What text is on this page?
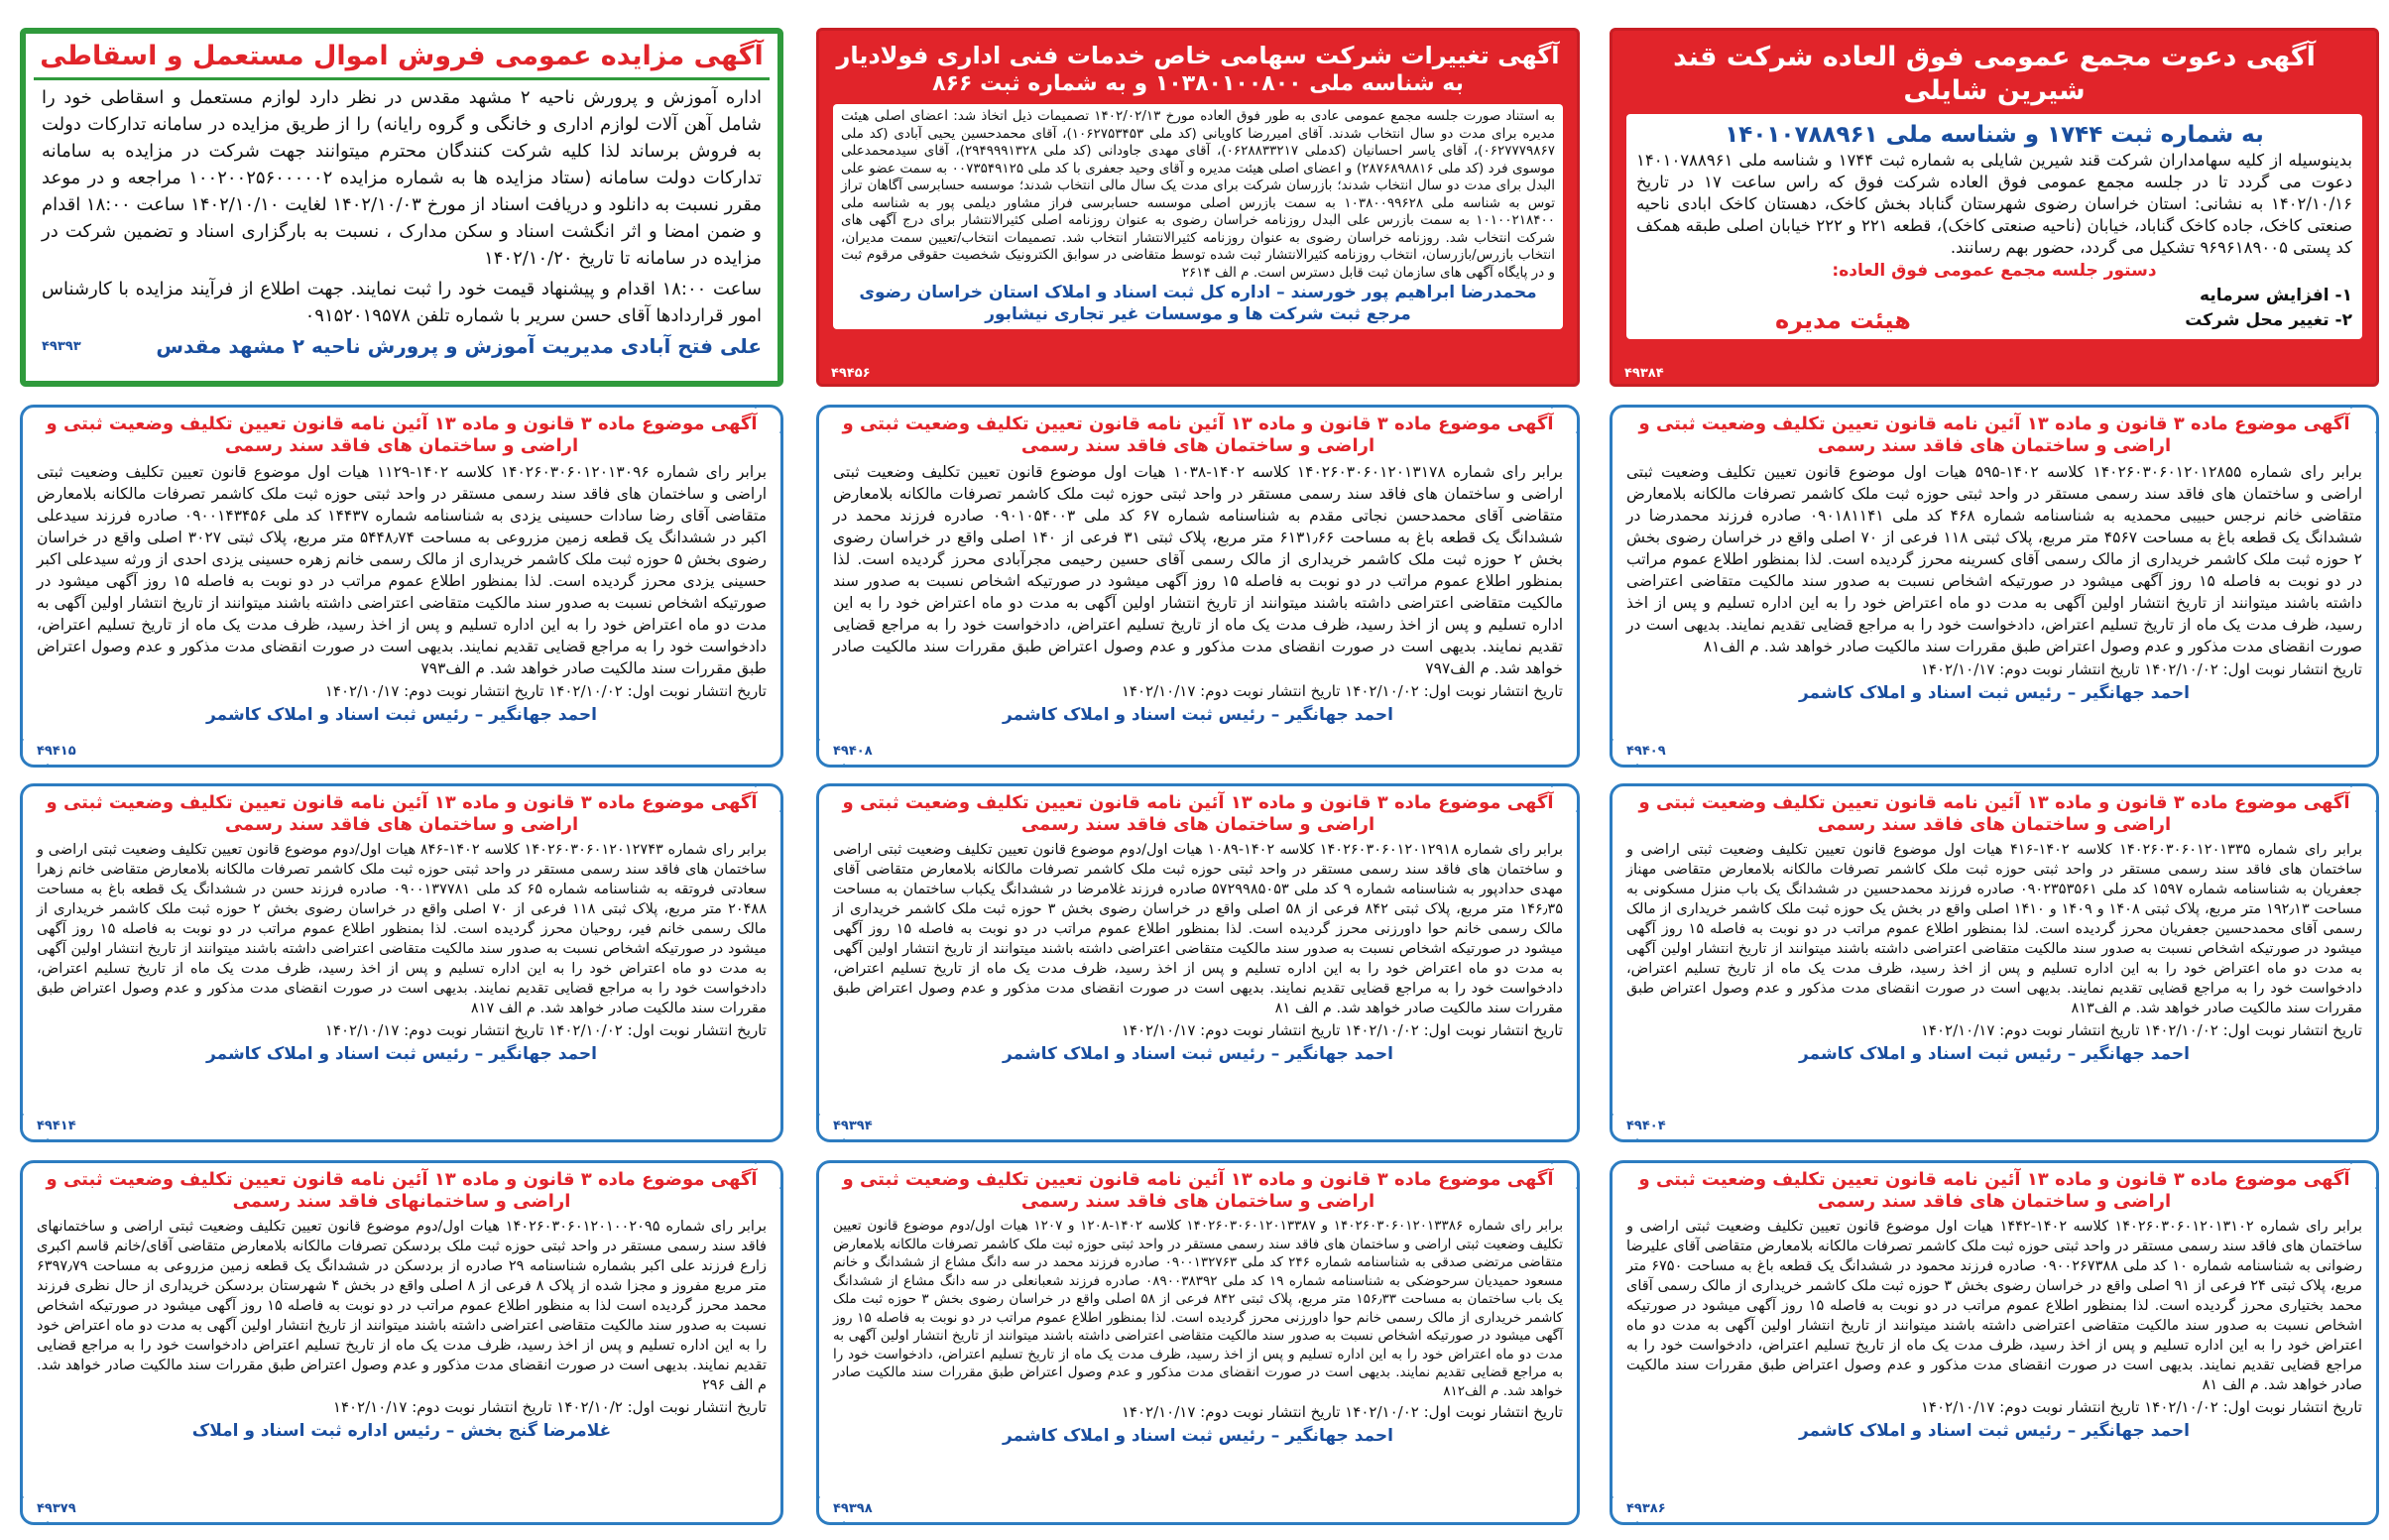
آگهی دعوت مجمع عمومی فوق العاده شرکت قند شیرین شایلی
به شماره ثبت ۱۷۴۴ و شناسه ملی ۱۴۰۱۰۷۸۸۹۶۱
بدینوسیله از کلیه سهامداران شرکت قند شیرین شایلی به شماره ثبت ۱۷۴۴ و شناسه ملی ۱۴۰۱۰۷۸۸۹۶۱ دعوت می گردد تا در جلسه مجمع عمومی فوق العاده شرکت فوق که راس ساعت ۱۷ در تاریخ ۱۴۰۲/۱۰/۱۶ به نشانی: استان خراسان رضوی شهرستان گناباد بخش کاخک، دهستان کاخک ابادی ناحیه صنعتی کاخک، جاده کاخک گناباد، خیابان (ناحیه صنعتی کاخک)، قطعه ۲۲۱ و ۲۲۲ خیابان اصلی طبقه همکف کد پستی ۹۶۹۶۱۸۹۰۰۵ تشکیل می گردد، حضور بهم رسانند.
دستور جلسه مجمع عمومی فوق العاده:
۱- افزایش سرمایه
۲- تغییر محل شرکت
هیئت مدیره
۴۹۳۸۴
آگهی تغییرات شرکت سهامی خاص خدمات فنی اداری فولادیار
به شناسه ملی ۱۰۳۸۰۱۰۰۸۰۰ و به شماره ثبت ۸۶۶
به استناد صورت جلسه مجمع عمومی عادی به طور فوق العاده مورخ ۱۴۰۲/۰۲/۱۳ تصمیمات ذیل اتخاذ شد: اعضای اصلی هیئت مدیره برای مدت دو سال انتخاب شدند. آقای امیررضا کاویانی (کد ملی ۱۰۶۲۷۵۳۴۵۳)، آقای محمدحسین یحیی آبادی (کد ملی ۰۶۲۷۷۷۹۸۶۷)، آقای یاسر احسانیان (کدملی ۰۶۲۸۸۳۳۲۱۷)، آقای مهدی جاودانی (کد ملی ۲۹۴۹۹۹۱۳۲۸)، آقای سیدمحمدعلی موسوی فرد (کد ملی ۲۸۷۶۸۹۸۸۱۶) و اعضای اصلی هیئت مدیره و آقای وحید جعفری با کد ملی ۰۰۷۳۵۴۹۱۲۵ به سمت عضو علی البدل برای مدت دو سال انتخاب شدند؛ بازرسان شرکت برای مدت یک سال مالی انتخاب شدند؛ موسسه حسابرسی آگاهان تراز توس به شناسه ملی ۱۰۳۸۰۰۹۹۶۲۸ به سمت بازرس اصلی موسسه حسابرسی فراز مشاور دیلمی پور به شناسه ملی ۱۰۱۰۰۲۱۸۴۰۰ به سمت بازرس علی البدل روزنامه خراسان رضوی به عنوان روزنامه اصلی کثیرالانتشار برای درج آگهی های شرکت انتخاب شد. روزنامه خراسان رضوی به عنوان روزنامه کثیرالانتشار انتخاب شد. تصمیمات انتخاب/تعیین سمت مدیران، انتخاب بازرس/بازرسان، انتخاب روزنامه کثیرالانتشار ثبت شده توسط متقاضی در سوابق الکترونیک شخصیت حقوقی مرقوم ثبت و در پایگاه آگهی های سازمان ثبت قابل دسترس است. م الف ۲۶۱۴
محمدرضا ابراهیم پور خورسند – اداره کل ثبت اسناد و املاک استان خراسان رضوی
مرجع ثبت شرکت ها و موسسات غیر تجاری نیشابور
۴۹۴۵۶
آگهی مزایده عمومی فروش اموال مستعمل و اسقاطی
اداره آموزش و پرورش ناحیه ۲ مشهد مقدس در نظر دارد لوازم مستعمل و اسقاطی خود را شامل آهن آلات لوازم اداری و خانگی و گروه رایانه) را از طریق مزایده در سامانه تدارکات دولت به فروش برساند لذا کلیه شرکت کنندگان محترم میتوانند جهت شرکت در مزایده به سامانه تدارکات دولت سامانه (ستاد مزایده ها به شماره مزایده ۱۰۰۲۰۰۲۵۶۰۰۰۰۰۲ مراجعه و در موعد مقرر نسبت به دانلود و دریافت اسناد از مورخ ۱۴۰۲/۱۰/۰۳ لغایت ۱۴۰۲/۱۰/۱۰ ساعت ۱۸:۰۰ اقدام و ضمن امضا و اثر انگشت اسناد و سکن مدارک ، نسبت به بارگزاری اسناد و تضمین شرکت در مزایده در سامانه تا تاریخ ۱۴۰۲/۱۰/۲۰
ساعت ۱۸:۰۰ اقدام و پیشنهاد قیمت خود را ثبت نمایند. جهت اطلاع از فرآیند مزایده با کارشناس امور قراردادها آقای حسن سریر با شماره تلفن ۰۹۱۵۲۰۱۹۵۷۸
علی فتح آبادی مدیریت آموزش و پرورش ناحیه ۲ مشهد مقدس
۴۹۳۹۳
آگهی موضوع ماده ۳ قانون و ماده ۱۳ آئین نامه قانون تعیین تکلیف وضعیت ثبتی و اراضی و ساختمان های فاقد سند رسمی
برابر رای شماره ۱۴۰۲۶۰۳۰۶۰۱۲۰۱۲۸۵۵ کلاسه ۱۴۰۲-۵۹۵ هیات اول موضوع قانون تعیین تکلیف وضعیت ثبتی اراضی و ساختمان های فاقد سند رسمی مستقر در واحد ثبتی حوزه ثبت ملک کاشمر تصرفات مالکانه بلامعارض متقاضی خانم نرجس حبیبی محمدیه به شناسنامه شماره ۴۶۸ کد ملی ۰۹۰۱۸۱۱۴۱ صادره فرزند محمدرضا در ششدانگ یک قطعه باغ به مساحت ۴۵۶۷ متر مربع، پلاک ثبتی ۱۱۸ فرعی از ۷۰ اصلی واقع در خراسان رضوی بخش ۲ حوزه ثبت ملک کاشمر خریداری از مالک رسمی آقای کسرینه محرز گردیده است. لذا بمنظور اطلاع عموم مراتب در دو نوبت به فاصله ۱۵ روز آگهی میشود در صورتیکه اشخاص نسبت به صدور سند مالکیت متقاضی اعتراضی داشته باشند میتوانند از تاریخ انتشار اولین آگهی به مدت دو ماه اعتراض خود را به این اداره تسلیم و پس از اخذ رسید، ظرف مدت یک ماه از تاریخ تسلیم اعتراض، دادخواست خود را به مراجع قضایی تقدیم نمایند. بدیهی است در صورت انقضای مدت مذکور و عدم وصول اعتراض طبق مقررات سند مالکیت صادر خواهد شد. م الف۸۱
تاریخ انتشار نوبت اول: ۱۴۰۲/۱۰/۰۲ تاریخ انتشار نوبت دوم: ۱۴۰۲/۱۰/۱۷
احمد جهانگیر – رئیس ثبت اسناد و املاک کاشمر
۴۹۴۰۹
آگهی موضوع ماده ۳ قانون و ماده ۱۳ آئین نامه قانون تعیین تکلیف وضعیت ثبتی و اراضی و ساختمان های فاقد سند رسمی
برابر رای شماره ۱۴۰۲۶۰۳۰۶۰۱۲۰۱۳۱۷۸ کلاسه ۱۴۰۲-۱۰۳۸ هیات اول موضوع قانون تعیین تکلیف وضعیت ثبتی اراضی و ساختمان های فاقد سند رسمی مستقر در واحد ثبتی حوزه ثبت ملک کاشمر تصرفات مالکانه بلامعارض متقاضی آقای محمدحسن نجاتی مقدم به شناسنامه شماره ۶۷ کد ملی ۰۹۰۱۰۵۴۰۰۳ صادره فرزند محمد در ششدانگ یک قطعه باغ به مساحت ۶۱۳۱٫۶۶ متر مربع، پلاک ثبتی ۳۱ فرعی از ۱۴۰ اصلی واقع در خراسان رضوی بخش ۲ حوزه ثبت ملک کاشمر خریداری از مالک رسمی آقای حسین رحیمی مجرآبادی محرز گردیده است. لذا بمنظور اطلاع عموم مراتب در دو نوبت به فاصله ۱۵ روز آگهی میشود در صورتیکه اشخاص نسبت به صدور سند مالکیت متقاضی اعتراضی داشته باشند میتوانند از تاریخ انتشار اولین آگهی به مدت دو ماه اعتراض خود را به این اداره تسلیم و پس از اخذ رسید، ظرف مدت یک ماه از تاریخ تسلیم اعتراض، دادخواست خود را به مراجع قضایی تقدیم نمایند. بدیهی است در صورت انقضای مدت مذکور و عدم وصول اعتراض طبق مقررات سند مالکیت صادر خواهد شد. م الف۷۹۷
تاریخ انتشار نوبت اول: ۱۴۰۲/۱۰/۰۲ تاریخ انتشار نوبت دوم: ۱۴۰۲/۱۰/۱۷
احمد جهانگیر – رئیس ثبت اسناد و املاک کاشمر
۴۹۴۰۸
آگهی موضوع ماده ۳ قانون و ماده ۱۳ آئین نامه قانون تعیین تکلیف وضعیت ثبتی و اراضی و ساختمان های فاقد سند رسمی
برابر رای شماره ۱۴۰۲۶۰۳۰۶۰۱۲۰۱۳۰۹۶ کلاسه ۱۴۰۲-۱۱۲۹ هیات اول موضوع قانون تعیین تکلیف وضعیت ثبتی اراضی و ساختمان های فاقد سند رسمی مستقر در واحد ثبتی حوزه ثبت ملک کاشمر تصرفات مالکانه بلامعارض متقاضی آقای رضا سادات حسینی یزدی به شناسنامه شماره ۱۴۴۳۷ کد ملی ۰۹۰۰۱۴۳۴۵۶ صادره فرزند سیدعلی اکبر در ششدانگ یک قطعه زمین مزروعی به مساحت ۵۴۴۸٫۷۴ متر مربع، پلاک ثبتی ۳۰۲۷ اصلی واقع در خراسان رضوی بخش ۵ حوزه ثبت ملک کاشمر خریداری از مالک رسمی خانم زهره حسینی یزدی احدی از ورثه سیدعلی اکبر حسینی یزدی محرز گردیده است. لذا بمنظور اطلاع عموم مراتب در دو نوبت به فاصله ۱۵ روز آگهی میشود در صورتیکه اشخاص نسبت به صدور سند مالکیت متقاضی اعتراضی داشته باشند میتوانند از تاریخ انتشار اولین آگهی به مدت دو ماه اعتراض خود را به این اداره تسلیم و پس از اخذ رسید، ظرف مدت یک ماه از تاریخ تسلیم اعتراض، دادخواست خود را به مراجع قضایی تقدیم نمایند. بدیهی است در صورت انقضای مدت مذکور و عدم وصول اعتراض طبق مقررات سند مالکیت صادر خواهد شد. م الف۷۹۳
تاریخ انتشار نوبت اول: ۱۴۰۲/۱۰/۰۲ تاریخ انتشار نوبت دوم: ۱۴۰۲/۱۰/۱۷
احمد جهانگیر – رئیس ثبت اسناد و املاک کاشمر
۴۹۴۱۵
آگهی موضوع ماده ۳ قانون و ماده ۱۳ آئین نامه قانون تعیین تکلیف وضعیت ثبتی و اراضی و ساختمان های فاقد سند رسمی
برابر رای شماره ۱۴۰۲۶۰۳۰۶۰۱۲۰۱۳۳۵ کلاسه ۱۴۰۲-۴۱۶ هیات اول موضوع قانون تعیین تکلیف وضعیت ثبتی اراضی و ساختمان های فاقد سند رسمی مستقر در واحد ثبتی حوزه ثبت ملک کاشمر تصرفات مالکانه بلامعارض متقاضی مهناز جعفریان به شناسنامه شماره ۱۵۹۷ کد ملی ۰۹۰۲۳۵۳۵۶۱ صادره فرزند محمدحسین در ششدانگ یک باب منزل مسکونی به مساحت ۱۹۲٫۱۳ متر مربع، پلاک ثبتی ۱۴۰۸ و ۱۴۰۹ و ۱۴۱۰ اصلی واقع در بخش یک حوزه ثبت ملک کاشمر خریداری از مالک رسمی آقای محمدحسین جعفریان محرز گردیده است. لذا بمنظور اطلاع عموم مراتب در دو نوبت به فاصله ۱۵ روز آگهی میشود در صورتیکه اشخاص نسبت به صدور سند مالکیت متقاضی اعتراضی داشته باشند میتوانند از تاریخ انتشار اولین آگهی به مدت دو ماه اعتراض خود را به این اداره تسلیم و پس از اخذ رسید، ظرف مدت یک ماه از تاریخ تسلیم اعتراض، دادخواست خود را به مراجع قضایی تقدیم نمایند. بدیهی است در صورت انقضای مدت مذکور و عدم وصول اعتراض طبق مقررات سند مالکیت صادر خواهد شد. م الف۸۱۳
تاریخ انتشار نوبت اول: ۱۴۰۲/۱۰/۰۲ تاریخ انتشار نوبت دوم: ۱۴۰۲/۱۰/۱۷
احمد جهانگیر – رئیس ثبت اسناد و املاک کاشمر
۴۹۴۰۴
آگهی موضوع ماده ۳ قانون و ماده ۱۳ آئین نامه قانون تعیین تکلیف وضعیت ثبتی و اراضی و ساختمان های فاقد سند رسمی
برابر رای شماره ۱۴۰۲۶۰۳۰۶۰۱۲۰۱۲۹۱۸ کلاسه ۱۴۰۲-۱۰۸۹ هیات اول/دوم موضوع قانون تعیین تکلیف وضعیت ثبتی اراضی و ساختمان های فاقد سند رسمی مستقر در واحد ثبتی حوزه ثبت ملک کاشمر تصرفات مالکانه بلامعارض متقاضی آقای مهدی حدادپور به شناسنامه شماره ۹ کد ملی ۵۷۲۹۹۸۵۰۵۳ صادره فرزند غلامرضا در ششدانگ یکباب ساختمان به مساحت ۱۴۶٫۳۵ متر مربع، پلاک ثبتی ۸۴۲ فرعی از ۵۸ اصلی واقع در خراسان رضوی بخش ۳ حوزه ثبت ملک کاشمر خریداری از مالک رسمی خانم حوا داورزنی محرز گردیده است. لذا بمنظور اطلاع عموم مراتب در دو نوبت به فاصله ۱۵ روز آگهی میشود در صورتیکه اشخاص نسبت به صدور سند مالکیت متقاضی اعتراضی داشته باشند میتوانند از تاریخ انتشار اولین آگهی به مدت دو ماه اعتراض خود را به این اداره تسلیم و پس از اخذ رسید، ظرف مدت یک ماه از تاریخ تسلیم اعتراض، دادخواست خود را به مراجع قضایی تقدیم نمایند. بدیهی است در صورت انقضای مدت مذکور و عدم وصول اعتراض طبق مقررات سند مالکیت صادر خواهد شد. م الف ۸۱
تاریخ انتشار نوبت اول: ۱۴۰۲/۱۰/۰۲ تاریخ انتشار نوبت دوم: ۱۴۰۲/۱۰/۱۷
احمد جهانگیر – رئیس ثبت اسناد و املاک کاشمر
۴۹۳۹۴
آگهی موضوع ماده ۳ قانون و ماده ۱۳ آئین نامه قانون تعیین تکلیف وضعیت ثبتی و اراضی و ساختمان های فاقد سند رسمی
برابر رای شماره ۱۴۰۲۶۰۳۰۶۰۱۲۰۱۲۷۴۳ کلاسه ۱۴۰۲-۸۴۶ هیات اول/دوم موضوع قانون تعیین تکلیف وضعیت ثبتی اراضی و ساختمان های فاقد سند رسمی مستقر در واحد ثبتی حوزه ثبت ملک کاشمر تصرفات مالکانه بلامعارض متقاضی خانم زهرا سعادتی فروتقه به شناسنامه شماره ۶۵ کد ملی ۰۹۰۰۱۳۷۷۸۱ صادره فرزند حسن در ششدانگ یک قطعه باغ به مساحت ۲۰۴۸۸ متر مربع، پلاک ثبتی ۱۱۸ فرعی از ۷۰ اصلی واقع در خراسان رضوی بخش ۲ حوزه ثبت ملک کاشمر خریداری از مالک رسمی خانم فیر، روحیان محرز گردیده است. لذا بمنظور اطلاع عموم مراتب در دو نوبت به فاصله ۱۵ روز آگهی میشود در صورتیکه اشخاص نسبت به صدور سند مالکیت متقاضی اعتراضی داشته باشند میتوانند از تاریخ انتشار اولین آگهی به مدت دو ماه اعتراض خود را به این اداره تسلیم و پس از اخذ رسید، ظرف مدت یک ماه از تاریخ تسلیم اعتراض، دادخواست خود را به مراجع قضایی تقدیم نمایند. بدیهی است در صورت انقضای مدت مذکور و عدم وصول اعتراض طبق مقررات سند مالکیت صادر خواهد شد. م الف ۸۱۷
تاریخ انتشار نوبت اول: ۱۴۰۲/۱۰/۰۲ تاریخ انتشار نوبت دوم: ۱۴۰۲/۱۰/۱۷
احمد جهانگیر – رئیس ثبت اسناد و املاک کاشمر
۴۹۴۱۴
آگهی موضوع ماده ۳ قانون و ماده ۱۳ آئین نامه قانون تعیین تکلیف وضعیت ثبتی و اراضی و ساختمان های فاقد سند رسمی
برابر رای شماره ۱۴۰۲۶۰۳۰۶۰۱۲۰۱۳۱۰۲ کلاسه ۱۴۰۲-۱۴۴۲ هیات اول موضوع قانون تعیین تکلیف وضعیت ثبتی اراضی و ساختمان های فاقد سند رسمی مستقر در واحد ثبتی حوزه ثبت ملک کاشمر تصرفات مالکانه بلامعارض متقاضی آقای علیرضا رضوانی به شناسنامه شماره ۱۰ کد ملی ۰۹۰۰۲۶۷۳۸۸ صادره فرزند محمود در ششدانگ یک قطعه باغ به مساحت ۶۷۵۰ متر مربع، پلاک ثبتی ۲۴ فرعی از ۹۱ اصلی واقع در خراسان رضوی بخش ۳ حوزه ثبت ملک کاشمر خریداری از مالک رسمی آقای محمد بختیاری محرز گردیده است. لذا بمنظور اطلاع عموم مراتب در دو نوبت به فاصله ۱۵ روز آگهی میشود در صورتیکه اشخاص نسبت به صدور سند مالکیت متقاضی اعتراضی داشته باشند میتوانند از تاریخ انتشار اولین آگهی به مدت دو ماه اعتراض خود را به این اداره تسلیم و پس از اخذ رسید، ظرف مدت یک ماه از تاریخ تسلیم اعتراض، دادخواست خود را به مراجع قضایی تقدیم نمایند. بدیهی است در صورت انقضای مدت مذکور و عدم وصول اعتراض طبق مقررات سند مالکیت صادر خواهد شد. م الف ۸۱
تاریخ انتشار نوبت اول: ۱۴۰۲/۱۰/۰۲ تاریخ انتشار نوبت دوم: ۱۴۰۲/۱۰/۱۷
احمد جهانگیر – رئیس ثبت اسناد و املاک کاشمر
۴۹۳۸۶
آگهی موضوع ماده ۳ قانون و ماده ۱۳ آئین نامه قانون تعیین تکلیف وضعیت ثبتی و اراضی و ساختمان های فاقد سند رسمی
برابر رای شماره ۱۴۰۲۶۰۳۰۶۰۱۲۰۱۳۳۸۶ و ۱۴۰۲۶۰۳۰۶۰۱۲۰۱۳۳۸۷ کلاسه ۱۴۰۲-۱۲۰۸ و ۱۲۰۷ هیات اول/دوم موضوع قانون تعیین تکلیف وضعیت ثبتی اراضی و ساختمان های فاقد سند رسمی مستقر در واحد ثبتی حوزه ثبت ملک کاشمر تصرفات مالکانه بلامعارض متقاضی مرتضی صدقی به شناسنامه شماره ۲۴۶ کد ملی ۰۹۰۰۱۳۲۷۶۳ صادره فرزند محمد در سه دانگ مشاع از ششدانگ و خانم مسعود حمیدیان سرحوضکی به شناسنامه شماره ۱۹ کد ملی ۰۸۹۰۰۳۸۳۹۲ صادره فرزند شعبانعلی در سه دانگ مشاع از ششدانگ یک باب ساختمان به مساحت ۱۵۶٫۳۳ متر مربع، پلاک ثبتی ۸۴۲ فرعی از ۵۸ اصلی واقع در خراسان رضوی بخش ۳ حوزه ثبت ملک کاشمر خریداری از مالک رسمی خانم حوا داورزنی محرز گردیده است. لذا بمنظور اطلاع عموم مراتب در دو نوبت به فاصله ۱۵ روز آگهی میشود در صورتیکه اشخاص نسبت به صدور سند مالکیت متقاضی اعتراضی داشته باشند میتوانند از تاریخ انتشار اولین آگهی به مدت دو ماه اعتراض خود را به این اداره تسلیم و پس از اخذ رسید، ظرف مدت یک ماه از تاریخ تسلیم اعتراض، دادخواست خود را به مراجع قضایی تقدیم نمایند. بدیهی است در صورت انقضای مدت مذکور و عدم وصول اعتراض طبق مقررات سند مالکیت صادر خواهد شد. م الف۸۱۲
تاریخ انتشار نوبت اول: ۱۴۰۲/۱۰/۰۲ تاریخ انتشار نوبت دوم: ۱۴۰۲/۱۰/۱۷
احمد جهانگیر – رئیس ثبت اسناد و املاک کاشمر
۴۹۳۹۸
آگهی موضوع ماده ۳ قانون و ماده ۱۳ آئین نامه قانون تعیین تکلیف وضعیت ثبتی و اراضی و ساختمانهای فاقد سند رسمی
برابر رای شماره ۱۴۰۲۶۰۳۰۶۰۱۲۰۱۰۰۲۰۹۵ هیات اول/دوم موضوع قانون تعیین تکلیف وضعیت ثبتی اراضی و ساختمانهای فاقد سند رسمی مستقر در واحد ثبتی حوزه ثبت ملک بردسکن تصرفات مالکانه بلامعارض متقاضی آقای/خانم قاسم اکبری زارع فرزند علی اکبر بشماره شناسنامه ۲۹ صادره از بردسکن در ششدانگ یک قطعه زمین مزروعی به مساحت ۶۳۹۷٫۷۹ متر مربع مفروز و مجزا شده از پلاک ۸ فرعی از ۸ اصلی واقع در بخش ۴ شهرستان بردسکن خریداری از حال نظری فرزند محمد محرز گردیده است لذا به منظور اطلاع عموم مراتب در دو نوبت به فاصله ۱۵ روز آگهی میشود در صورتیکه اشخاص نسبت به صدور سند مالکیت متقاضی اعتراضی داشته باشند میتوانند از تاریخ انتشار اولین آگهی به مدت دو ماه اعتراض خود را به این اداره تسلیم و پس از اخذ رسید، ظرف مدت یک ماه از تاریخ تسلیم اعتراض دادخواست خود را به مراجع قضایی تقدیم نمایند. بدیهی است در صورت انقضای مدت مذکور و عدم وصول اعتراض طبق مقررات سند مالکیت صادر خواهد شد. م الف ۲۹۶
تاریخ انتشار نوبت اول: ۱۴۰۲/۱۰/۲ تاریخ انتشار نوبت دوم: ۱۴۰۲/۱۰/۱۷
غلامرضا گنج بخش – رئیس اداره ثبت اسناد و املاک
۴۹۳۷۹
